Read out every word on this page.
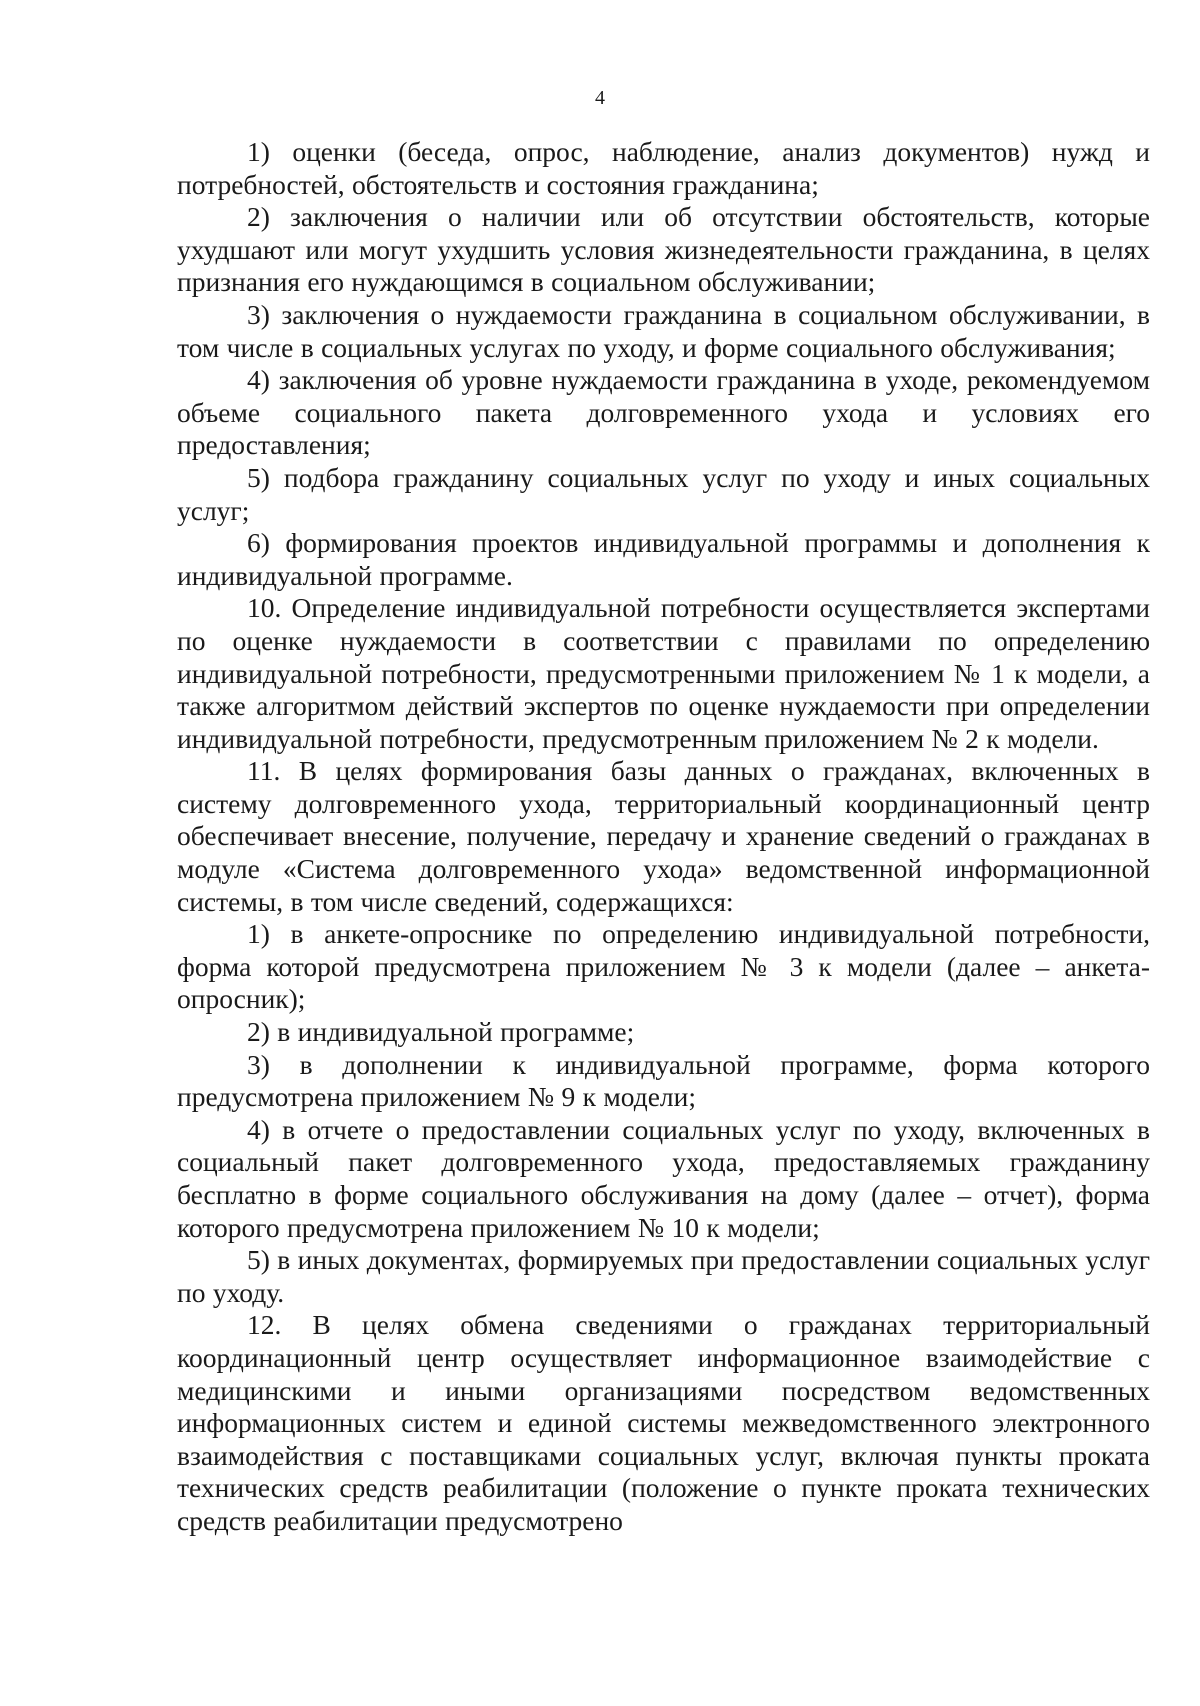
4

1) оценки (беседа, опрос, наблюдение, анализ документов) нужд и потребностей, обстоятельств и состояния гражданина;

2) заключения о наличии или об отсутствии обстоятельств, которые ухудшают или могут ухудшить условия жизнедеятельности гражданина, в целях признания его нуждающимся в социальном обслуживании;

3) заключения о нуждаемости гражданина в социальном обслуживании, в том числе в социальных услугах по уходу, и форме социального обслуживания;

4) заключения об уровне нуждаемости гражданина в уходе, рекомендуемом объеме социального пакета долговременного ухода и условиях его предоставления;

5) подбора гражданину социальных услуг по уходу и иных социальных услуг;

6) формирования проектов индивидуальной программы и дополнения к индивидуальной программе.

10. Определение индивидуальной потребности осуществляется экспертами по оценке нуждаемости в соответствии с правилами по определению индивидуальной потребности, предусмотренными приложением № 1 к модели, а также алгоритмом действий экспертов по оценке нуждаемости при определении индивидуальной потребности, предусмотренным приложением № 2 к модели.

11. В целях формирования базы данных о гражданах, включенных в систему долговременного ухода, территориальный координационный центр обеспечивает внесение, получение, передачу и хранение сведений о гражданах в модуле «Система долговременного ухода» ведомственной информационной системы, в том числе сведений, содержащихся:

1) в анкете-опроснике по определению индивидуальной потребности, форма которой предусмотрена приложением № 3 к модели (далее – анкета-опросник);

2) в индивидуальной программе;

3) в дополнении к индивидуальной программе, форма которого предусмотрена приложением № 9 к модели;

4) в отчете о предоставлении социальных услуг по уходу, включенных в социальный пакет долговременного ухода, предоставляемых гражданину бесплатно в форме социального обслуживания на дому (далее – отчет), форма которого предусмотрена приложением № 10 к модели;

5) в иных документах, формируемых при предоставлении социальных услуг по уходу.

12. В целях обмена сведениями о гражданах территориальный координационный центр осуществляет информационное взаимодействие с медицинскими и иными организациями посредством ведомственных информационных систем и единой системы межведомственного электронного взаимодействия с поставщиками социальных услуг, включая пункты проката технических средств реабилитации (положение о пункте проката технических средств реабилитации предусмотрено
